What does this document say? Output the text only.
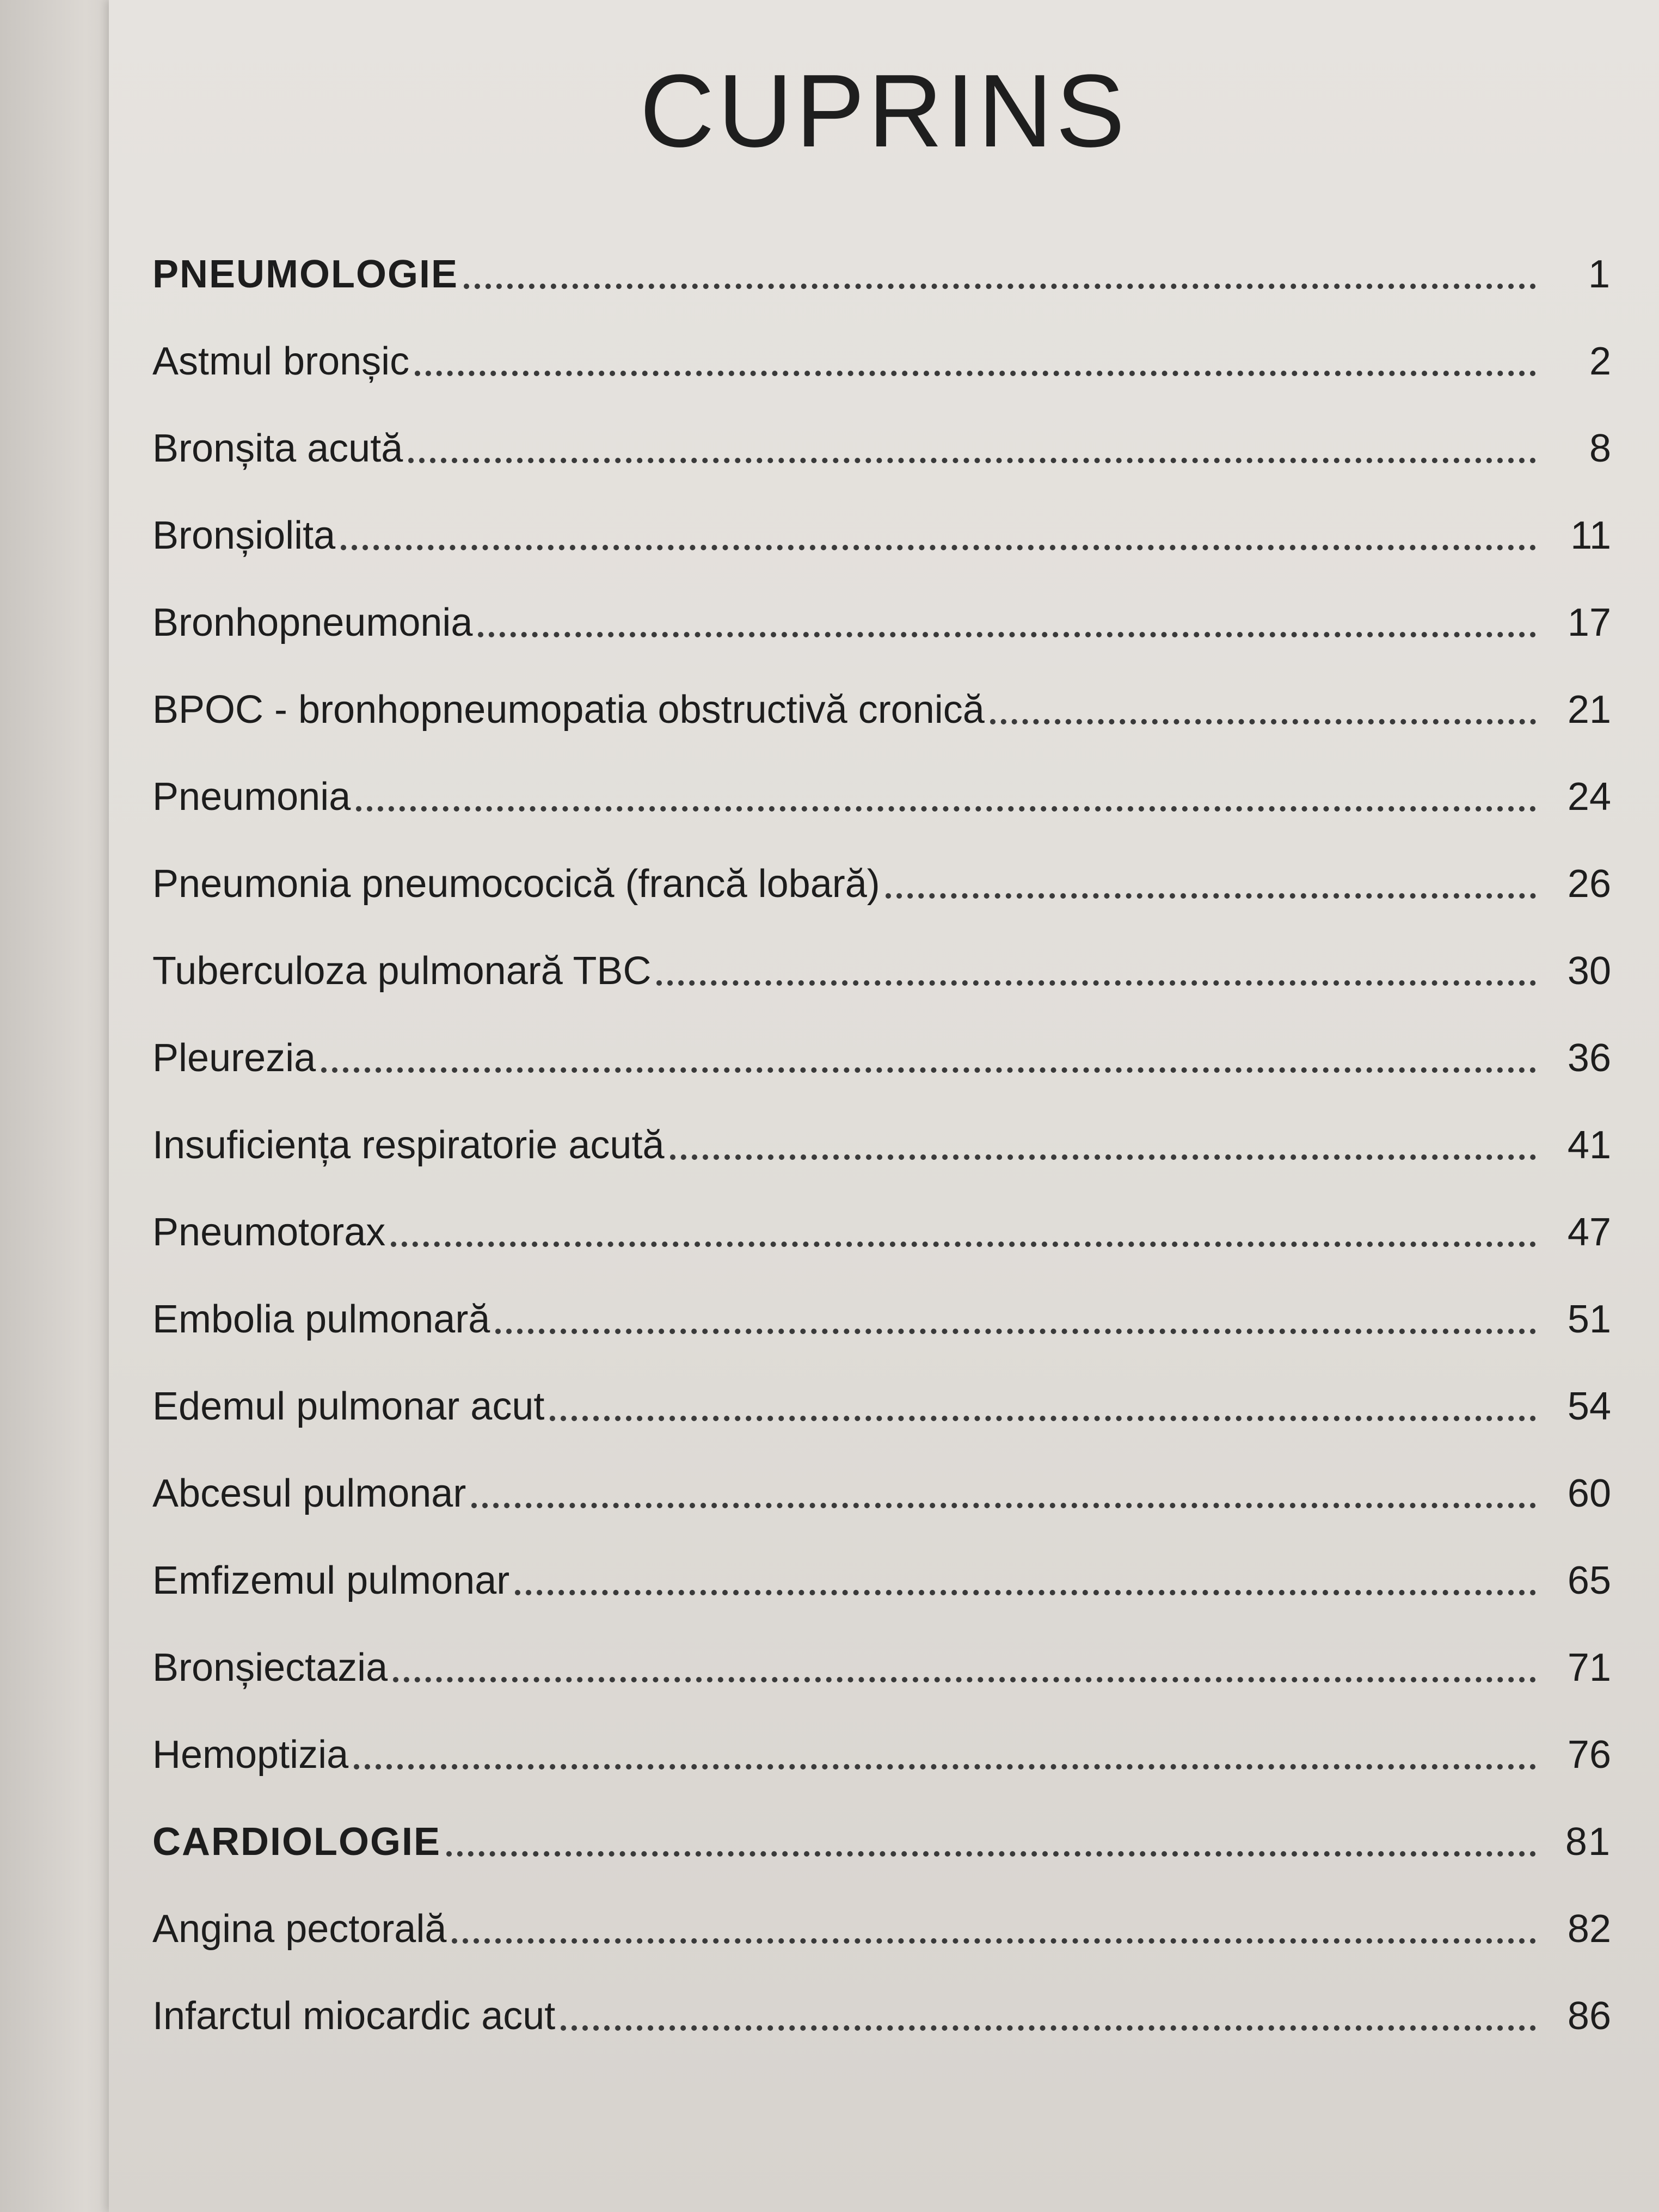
CUPRINS
PNEUMOLOGIE	1
Astmul bronșic	2
Bronșita acută	8
Bronșiolita	11
Bronhopneumonia	17
BPOC - bronhopneumopatia obstructivă cronică	21
Pneumonia	24
Pneumonia pneumococică (francă lobară)	26
Tuberculoza pulmonară TBC	30
Pleurezia	36
Insuficiența respiratorie acută	41
Pneumotorax	47
Embolia pulmonară	51
Edemul pulmonar acut	54
Abcesul pulmonar	60
Emfizemul pulmonar	65
Bronșiectazia	71
Hemoptizia	76
CARDIOLOGIE	81
Angina pectorală	82
Infarctul miocardic acut	86
